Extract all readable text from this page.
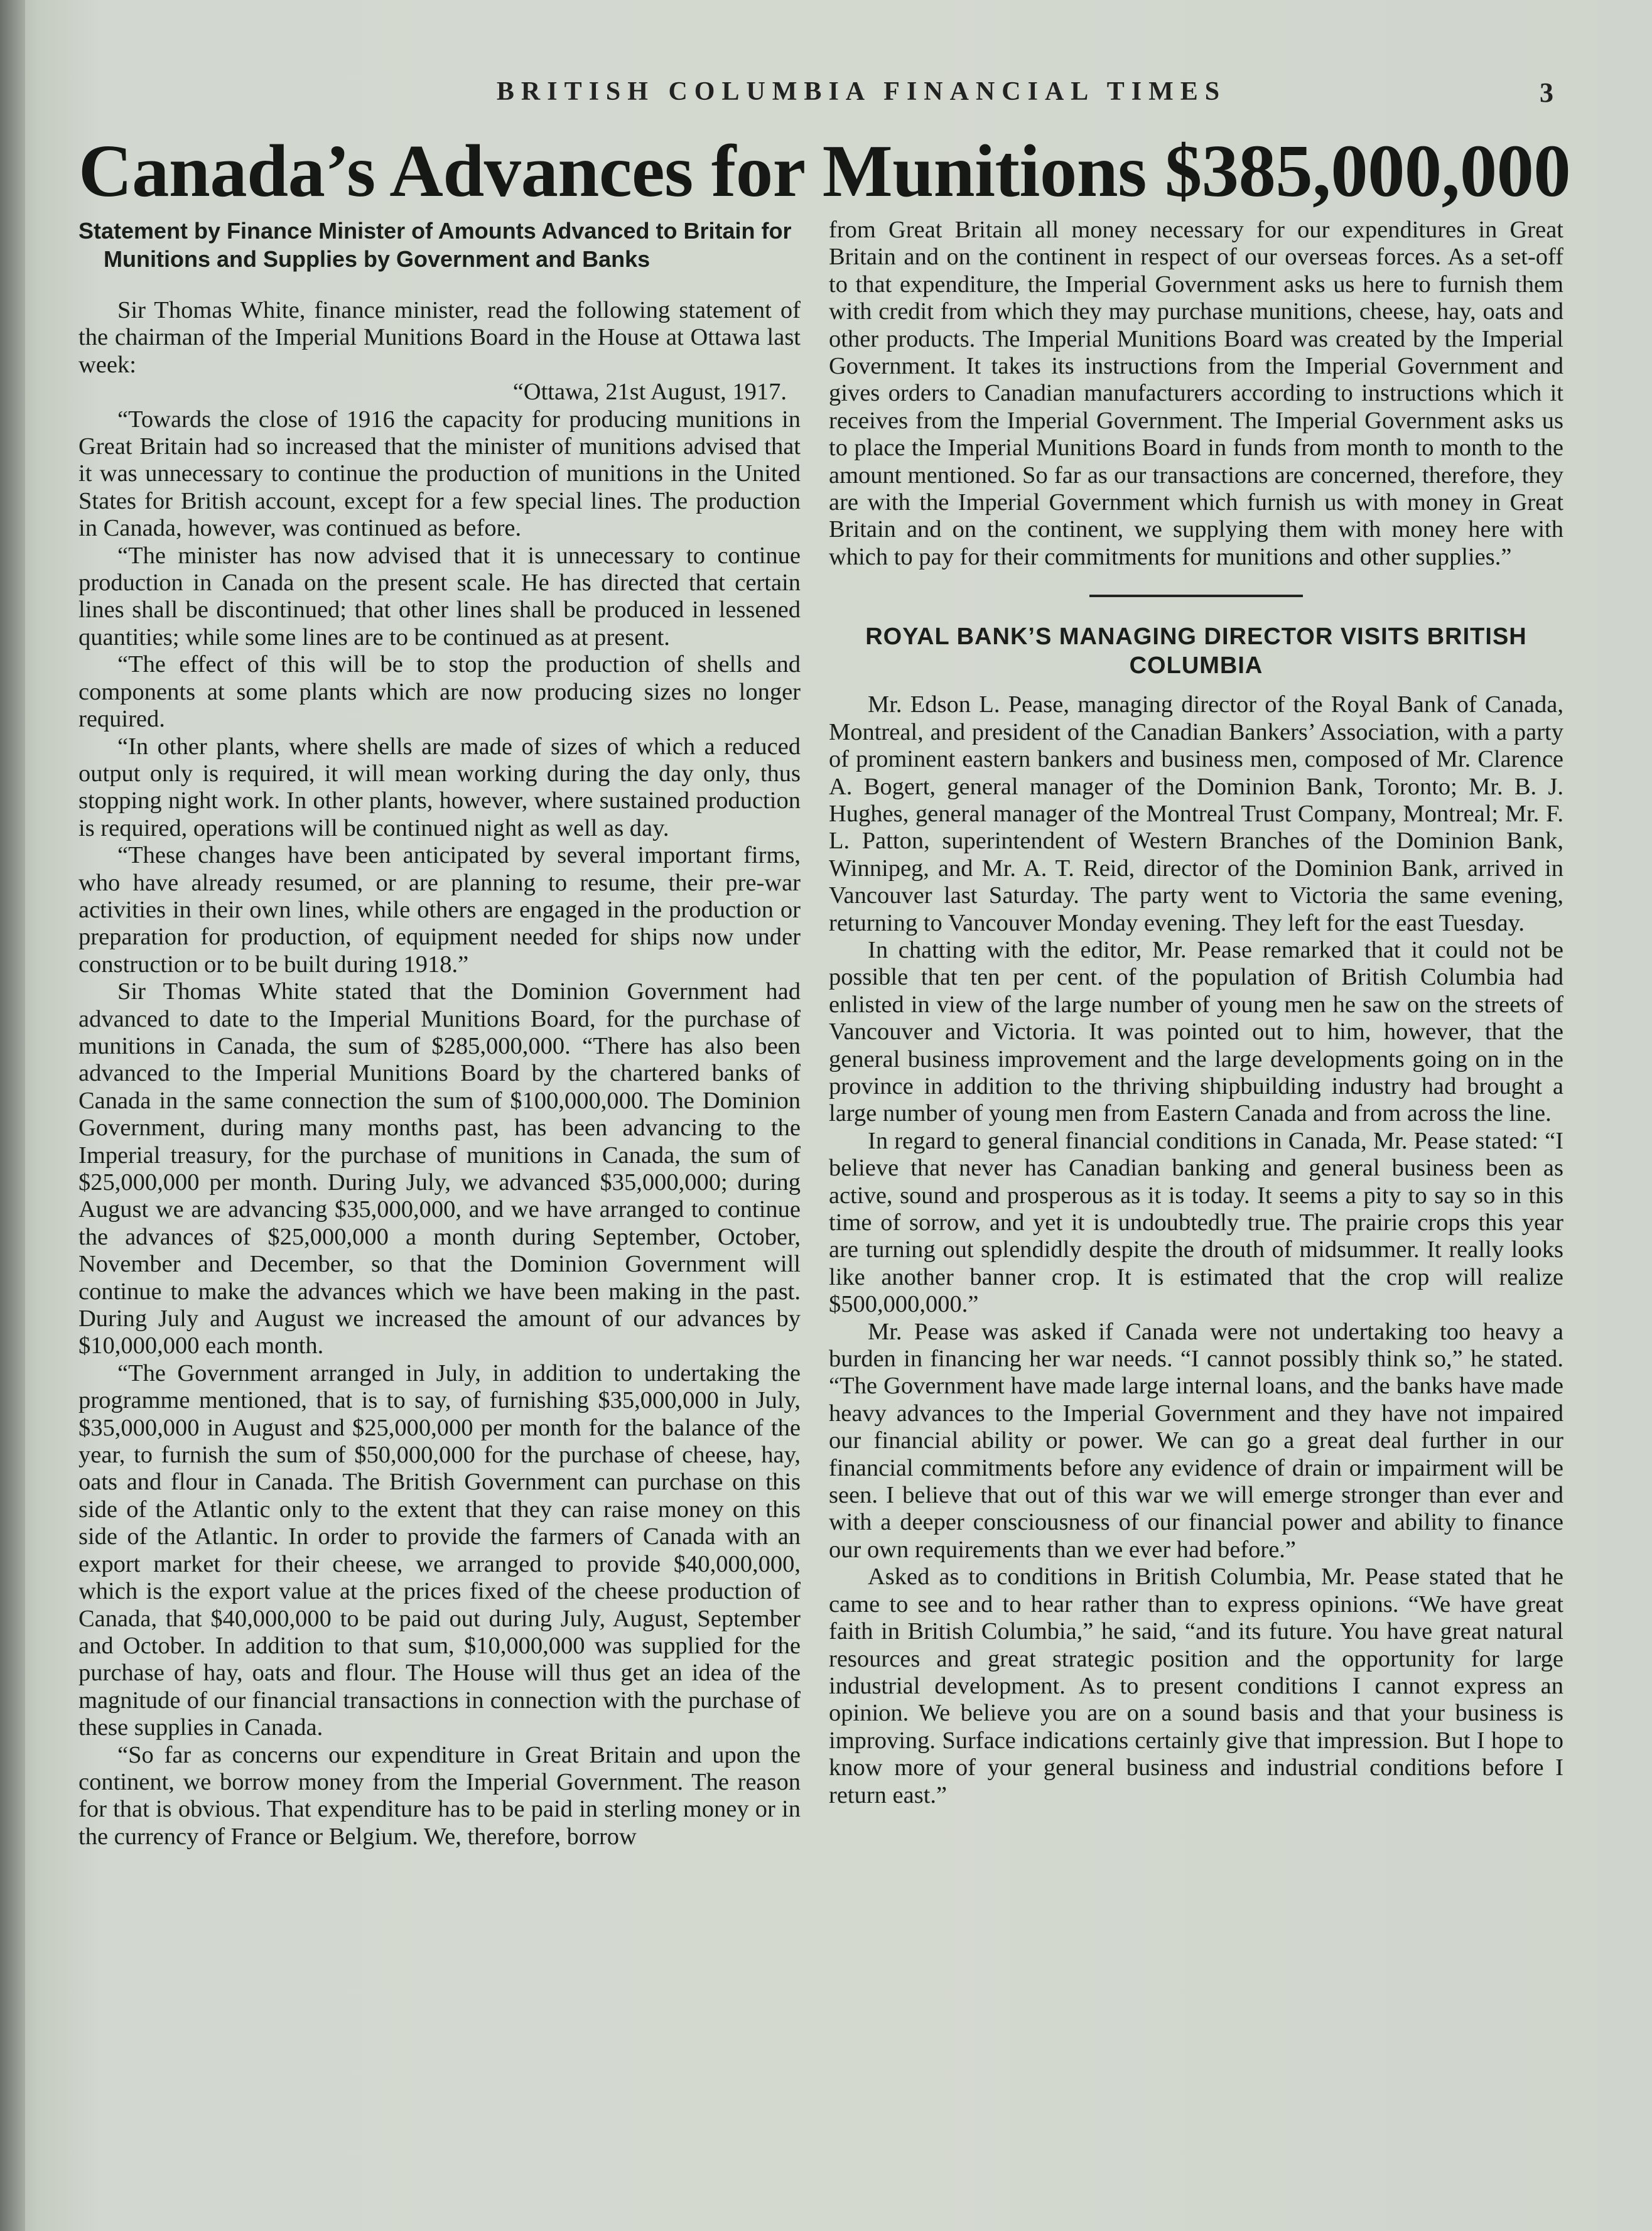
BRITISH COLUMBIA FINANCIAL TIMES	3
Canada’s Advances for Munitions $385,000,000
Statement by Finance Minister of Amounts Advanced to Britain for Munitions and Supplies by Government and Banks

Sir Thomas White, finance minister, read the following statement of the chairman of the Imperial Munitions Board in the House at Ottawa last week:

“Ottawa, 21st August, 1917.

“Towards the close of 1916 the capacity for producing munitions in Great Britain had so increased that the minister of munitions advised that it was unnecessary to continue the production of munitions in the United States for British account, except for a few special lines. The production in Canada, however, was continued as before.

“The minister has now advised that it is unnecessary to continue production in Canada on the present scale. He has directed that certain lines shall be discontinued; that other lines shall be produced in lessened quantities; while some lines are to be continued as at present.

“The effect of this will be to stop the production of shells and components at some plants which are now producing sizes no longer required.

“In other plants, where shells are made of sizes of which a reduced output only is required, it will mean working during the day only, thus stopping night work. In other plants, however, where sustained production is required, operations will be continued night as well as day.

“These changes have been anticipated by several important firms, who have already resumed, or are planning to resume, their pre-war activities in their own lines, while others are engaged in the production or preparation for production, of equipment needed for ships now under construction or to be built during 1918.”

Sir Thomas White stated that the Dominion Government had advanced to date to the Imperial Munitions Board, for the purchase of munitions in Canada, the sum of $285,000,000. “There has also been advanced to the Imperial Munitions Board by the chartered banks of Canada in the same connection the sum of $100,000,000. The Dominion Government, during many months past, has been advancing to the Imperial treasury, for the purchase of munitions in Canada, the sum of $25,000,000 per month. During July, we advanced $35,000,000; during August we are advancing $35,000,000, and we have arranged to continue the advances of $25,000,000 a month during September, October, November and December, so that the Dominion Government will continue to make the advances which we have been making in the past. During July and August we increased the amount of our advances by $10,000,000 each month.

“The Government arranged in July, in addition to undertaking the programme mentioned, that is to say, of furnishing $35,000,000 in July, $35,000,000 in August and $25,000,000 per month for the balance of the year, to furnish the sum of $50,000,000 for the purchase of cheese, hay, oats and flour in Canada. The British Government can purchase on this side of the Atlantic only to the extent that they can raise money on this side of the Atlantic. In order to provide the farmers of Canada with an export market for their cheese, we arranged to provide $40,000,000, which is the export value at the prices fixed of the cheese production of Canada, that $40,000,000 to be paid out during July, August, September and October. In addition to that sum, $10,000,000 was supplied for the purchase of hay, oats and flour. The House will thus get an idea of the magnitude of our financial transactions in connection with the purchase of these supplies in Canada.

“So far as concerns our expenditure in Great Britain and upon the continent, we borrow money from the Imperial Government. The reason for that is obvious. That expenditure has to be paid in sterling money or in the currency of France or Belgium. We, therefore, borrow

from Great Britain all money necessary for our expenditures in Great Britain and on the continent in respect of our overseas forces. As a set-off to that expenditure, the Imperial Government asks us here to furnish them with credit from which they may purchase munitions, cheese, hay, oats and other products. The Imperial Munitions Board was created by the Imperial Government. It takes its instructions from the Imperial Government and gives orders to Canadian manufacturers according to instructions which it receives from the Imperial Government. The Imperial Government asks us to place the Imperial Munitions Board in funds from month to month to the amount mentioned. So far as our transactions are concerned, therefore, they are with the Imperial Government which furnish us with money in Great Britain and on the continent, we supplying them with money here with which to pay for their commitments for munitions and other supplies.”

ROYAL BANK’S MANAGING DIRECTOR VISITS BRITISH COLUMBIA

Mr. Edson L. Pease, managing director of the Royal Bank of Canada, Montreal, and president of the Canadian Bankers’ Association, with a party of prominent eastern bankers and business men, composed of Mr. Clarence A. Bogert, general manager of the Dominion Bank, Toronto; Mr. B. J. Hughes, general manager of the Montreal Trust Company, Montreal; Mr. F. L. Patton, superintendent of Western Branches of the Dominion Bank, Winnipeg, and Mr. A. T. Reid, director of the Dominion Bank, arrived in Vancouver last Saturday. The party went to Victoria the same evening, returning to Vancouver Monday evening. They left for the east Tuesday.

In chatting with the editor, Mr. Pease remarked that it could not be possible that ten per cent. of the population of British Columbia had enlisted in view of the large number of young men he saw on the streets of Vancouver and Victoria. It was pointed out to him, however, that the general business improvement and the large developments going on in the province in addition to the thriving shipbuilding industry had brought a large number of young men from Eastern Canada and from across the line.

In regard to general financial conditions in Canada, Mr. Pease stated: “I believe that never has Canadian banking and general business been as active, sound and prosperous as it is today. It seems a pity to say so in this time of sorrow, and yet it is undoubtedly true. The prairie crops this year are turning out splendidly despite the drouth of midsummer. It really looks like another banner crop. It is estimated that the crop will realize $500,000,000.”

Mr. Pease was asked if Canada were not undertaking too heavy a burden in financing her war needs. “I cannot possibly think so,” he stated. “The Government have made large internal loans, and the banks have made heavy advances to the Imperial Government and they have not impaired our financial ability or power. We can go a great deal further in our financial commitments before any evidence of drain or impairment will be seen. I believe that out of this war we will emerge stronger than ever and with a deeper consciousness of our financial power and ability to finance our own requirements than we ever had before.”

Asked as to conditions in British Columbia, Mr. Pease stated that he came to see and to hear rather than to express opinions. “We have great faith in British Columbia,” he said, “and its future. You have great natural resources and great strategic position and the opportunity for large industrial development. As to present conditions I cannot express an opinion. We believe you are on a sound basis and that your business is improving. Surface indications certainly give that impression. But I hope to know more of your general business and industrial conditions before I return east.”
